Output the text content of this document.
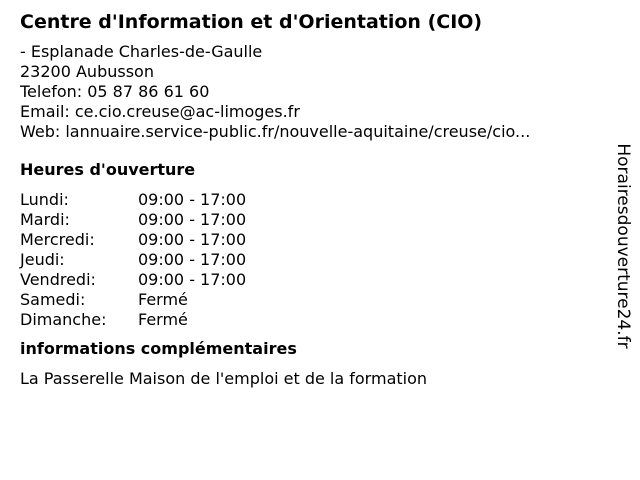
Centre d'Information et d'Orientation (CIO)
- Esplanade Charles-de-Gaulle
23200 Aubusson
Telefon: 05 87 86 61 60
Email: ce.cio.creuse@ac-limoges.fr
Web: lannuaire.service-public.fr/nouvelle-aquitaine/creuse/cio...
Heures d'ouverture
Lundi:	09:00 - 17:00
Mardi:	09:00 - 17:00
Mercredi:	09:00 - 17:00
Jeudi:	09:00 - 17:00
Vendredi:	09:00 - 17:00
Samedi:	Fermé
Dimanche: Fermé
informations complémentaires
La Passerelle Maison de l'emploi et de la formation
Horairesdouverture24.fr
